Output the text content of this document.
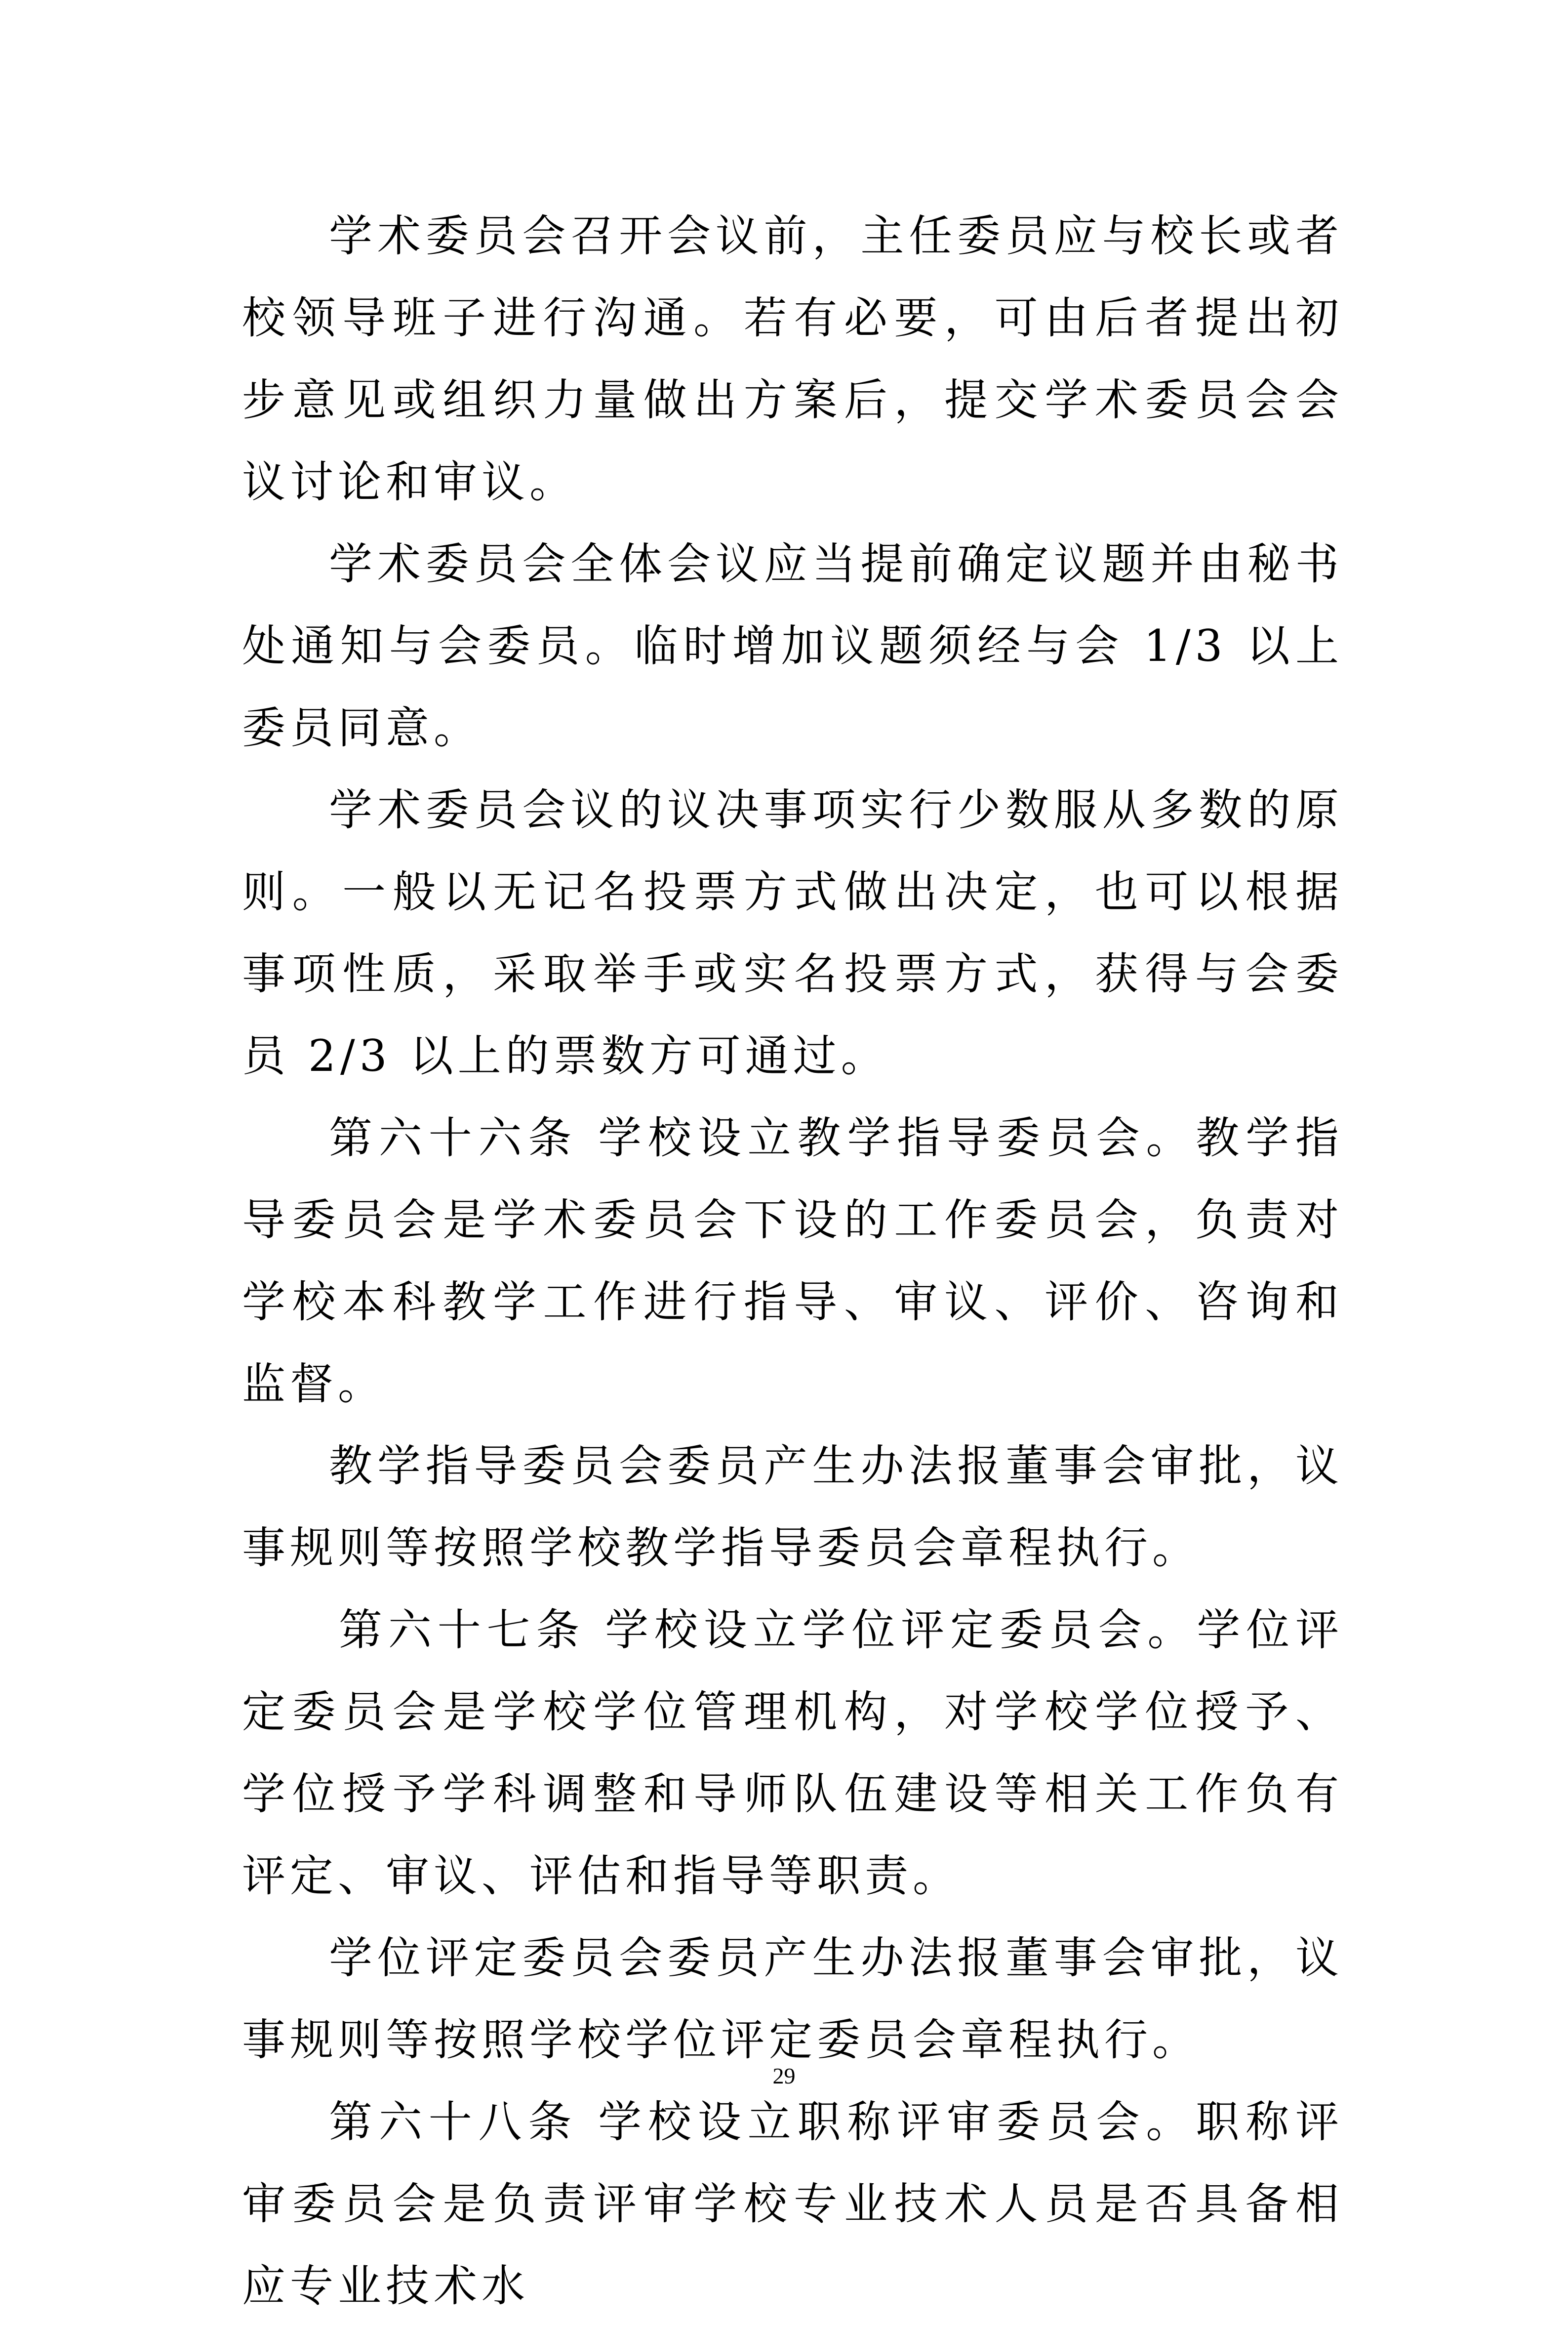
学术委员会召开会议前，主任委员应与校长或者校领导班子进行沟通。若有必要，可由后者提出初步意见或组织力量做出方案后，提交学术委员会会议讨论和审议。

学术委员会全体会议应当提前确定议题并由秘书处通知与会委员。临时增加议题须经与会 1/3 以上委员同意。

学术委员会议的议决事项实行少数服从多数的原则。一般以无记名投票方式做出决定，也可以根据事项性质，采取举手或实名投票方式，获得与会委员 2/3 以上的票数方可通过。

第六十六条 学校设立教学指导委员会。教学指导委员会是学术委员会下设的工作委员会，负责对学校本科教学工作进行指导、审议、评价、咨询和监督。

教学指导委员会委员产生办法报董事会审批，议事规则等按照学校教学指导委员会章程执行。

第六十七条 学校设立学位评定委员会。学位评定委员会是学校学位管理机构，对学校学位授予、学位授予学科调整和导师队伍建设等相关工作负有评定、审议、评估和指导等职责。

学位评定委员会委员产生办法报董事会审批，议事规则等按照学校学位评定委员会章程执行。

第六十八条 学校设立职称评审委员会。职称评审委员会是负责评审学校专业技术人员是否具备相应专业技术水

29
